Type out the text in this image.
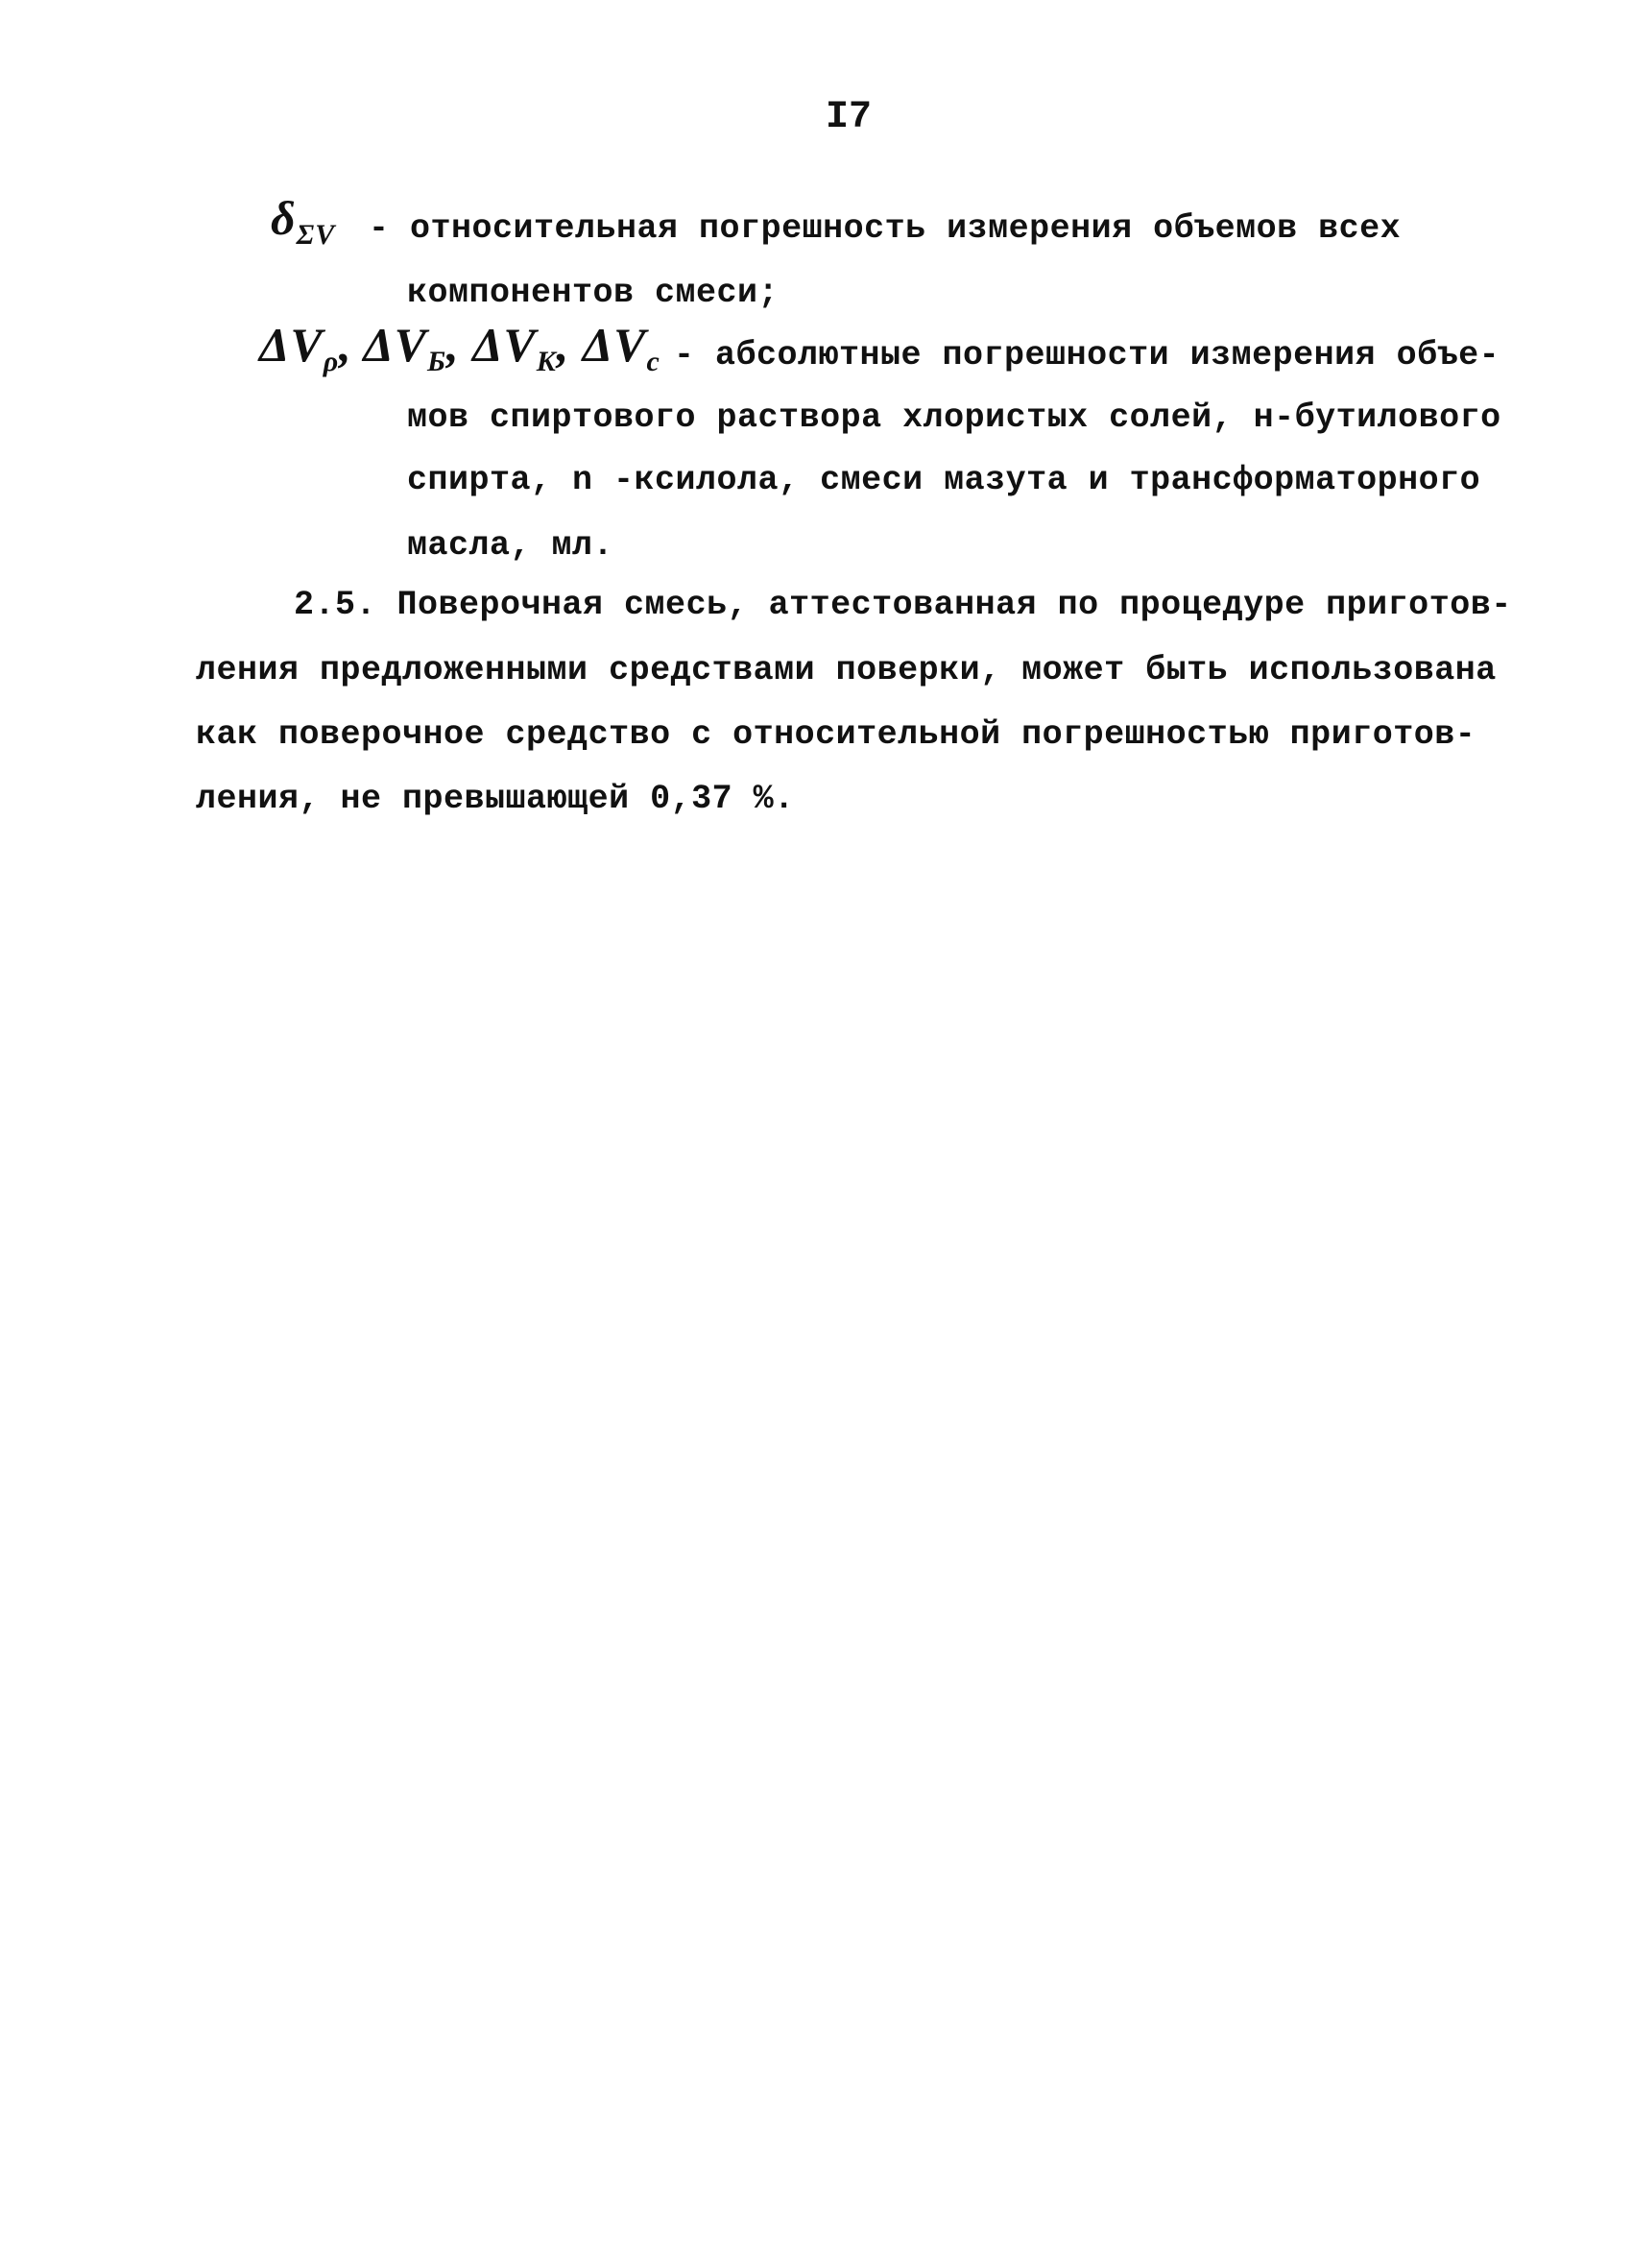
I7
$\delta_{\Sigma V}$ - относительная погрешность измерения объемов всех
компонентов смеси;
$\Delta V_\rho$, $\Delta V_Б$, $\Delta V_K$, $\Delta V_c$ - абсолютные погрешности измерения объе-
мов спиртового раствора хлористых солей, н-бутилового
спирта, n -ксилола, смеси мазута и трансформаторного
масла, мл.
2.5. Поверочная смесь, аттестованная по процедуре приготов-
ления предложенными средствами поверки, может быть использована
как поверочное средство с относительной погрешностью приготов-
ления, не превышающей 0,37 %.
